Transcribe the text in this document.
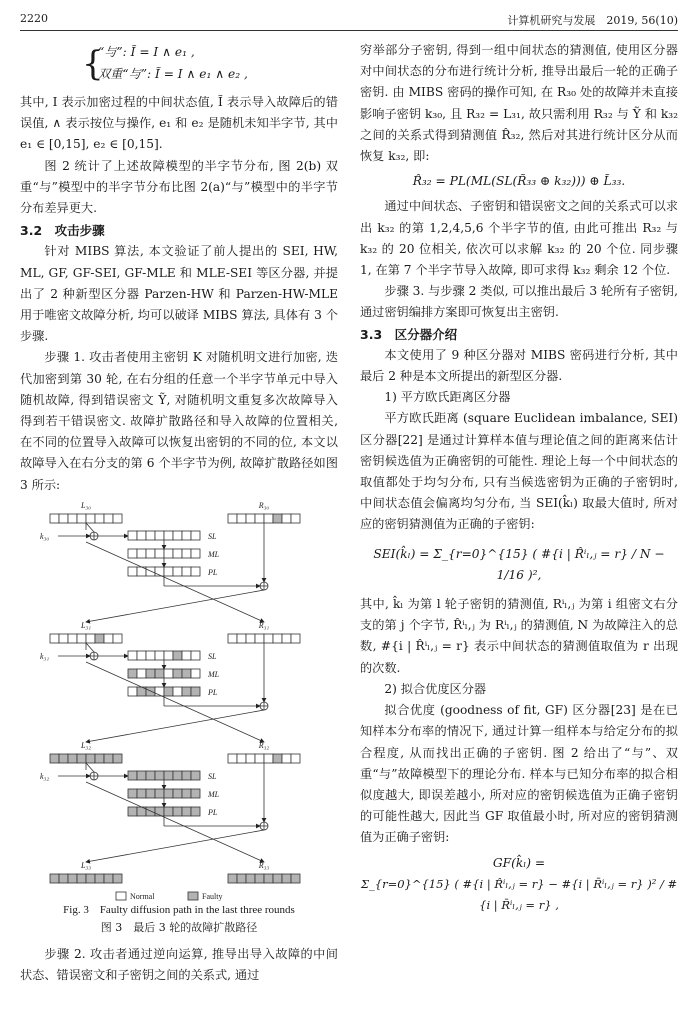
2220	计算机研究与发展　2019, 56(10)
{
“与”: Ĩ = I ∧ e₁ ,
双重“与”: Ĩ = I ∧ e₁ ∧ e₂ ,

其中, I 表示加密过程的中间状态值, Ĩ 表示导入故障后的错误值, ∧ 表示按位与操作, e₁ 和 e₂ 是随机未知半字节, 其中 e₁ ∈ [0,15], e₂ ∈ [0,15].

图 2 统计了上述故障模型的半字节分布, 图 2(b) 双重“与”模型中的半字节分布比图 2(a)“与”模型中的半字节分布差异更大.

3.2　攻击步骤

针对 MIBS 算法, 本文验证了前人提出的 SEI, HW, ML, GF, GF-SEI, GF-MLE 和 MLE-SEI 等区分器, 并提出了 2 种新型区分器 Parzen-HW 和 Parzen-HW-MLE 用于唯密文故障分析, 均可以破译 MIBS 算法, 具体有 3 个步骤.

步骤 1. 攻击者使用主密钥 K 对随机明文进行加密, 迭代加密到第 30 轮, 在右分组的任意一个半字节单元中导入随机故障, 得到错误密文 Ỹ, 对随机明文重复多次故障导入得到若干错误密文. 故障扩散路径和导入故障的位置相关, 在不同的位置导入故障可以恢复出密钥的不同的位, 本文以故障导入在右分支的第 6 个半字节为例, 故障扩散路径如图 3 所示:

L₃₀	R₃₀
k₃₀	SL
ML
PL
L₃₁	R₃₁
k₃₁	SL
ML
PL
L₃₂	R₃₂
k₃₂	SL
ML
PL
L₃₃	R₃₃
Normal	Faulty

Fig. 3　Faulty diffusion path in the last three rounds

图 3　最后 3 轮的故障扩散路径

步骤 2. 攻击者通过逆向运算, 推导出导入故障的中间状态、错误密文和子密钥之间的关系式, 通过

穷举部分子密钥, 得到一组中间状态的猜测值, 使用区分器对中间状态的分布进行统计分析, 推导出最后一轮的正确子密钥. 由 MIBS 密码的操作可知, 在 R₃₀ 处的故障并未直接影响子密钥 k₃₀, 且 R₃₂ = L₃₁, 故只需利用 R₃₂ 与 Ỹ 和 k₃₂ 之间的关系式得到猜测值 R̂₃₂, 然后对其进行统计区分从而恢复 k₃₂, 即:

R̂₃₂ = PL(ML(SL(R̃₃₃ ⊕ k₃₂))) ⊕ L̃₃₃.

通过中间状态、子密钥和错误密文之间的关系式可以求出 k₃₂ 的第 1,2,4,5,6 个半字节的值, 由此可推出 R₃₂ 与 k₃₂ 的 20 位相关, 依次可以求解 k₃₂ 的 20 个位. 同步骤 1, 在第 7 个半字节导入故障, 即可求得 k₃₂ 剩余 12 个位.

步骤 3. 与步骤 2 类似, 可以推出最后 3 轮所有子密钥, 通过密钥编排方案即可恢复出主密钥.

3.3　区分器介绍

本文使用了 9 种区分器对 MIBS 密码进行分析, 其中最后 2 种是本文所提出的新型区分器.

1) 平方欧氏距离区分器

平方欧氏距离 (square Euclidean imbalance, SEI) 区分器[22] 是通过计算样本值与理论值之间的距离来估计密钥候选值为正确密钥的可能性. 理论上每一个中间状态的取值都处于均匀分布, 只有当候选密钥为正确的子密钥时, 中间状态值会偏离均匀分布, 当 SEI(k̂ₗ) 取最大值时, 所对应的密钥猜测值为正确的子密钥:

SEI(k̂ₗ) = Σ_{r=0}^{15} ( #{i | R̂ⁱₗ,ⱼ = r} / N − 1/16 )²,

其中, k̂ₗ 为第 l 轮子密钥的猜测值, Rⁱₗ,ⱼ 为第 i 组密文右分支的第 j 个字节, R̂ⁱₗ,ⱼ 为 Rⁱₗ,ⱼ 的猜测值, N 为故障注入的总数, #{i | R̂ⁱₗ,ⱼ = r} 表示中间状态的猜测值取值为 r 出现的次数.

2) 拟合优度区分器

拟合优度 (goodness of fit, GF) 区分器[23] 是在已知样本分布率的情况下, 通过计算一组样本与给定分布的拟合程度, 从而找出正确的子密钥. 图 2 给出了“与”、双重“与”故障模型下的理论分布. 样本与已知分布率的拟合相似度越大, 即误差越小, 所对应的密钥候选值为正确子密钥的可能性越大, 因此当 GF 取值最小时, 所对应的密钥猜测值为正确子密钥:

GF(k̂ₗ) =

Σ_{r=0}^{15} ( #{i | R̂ⁱₗ,ⱼ = r} − #{i | R̄ⁱₗ,ⱼ = r} )² / #{i | R̄ⁱₗ,ⱼ = r} ,
